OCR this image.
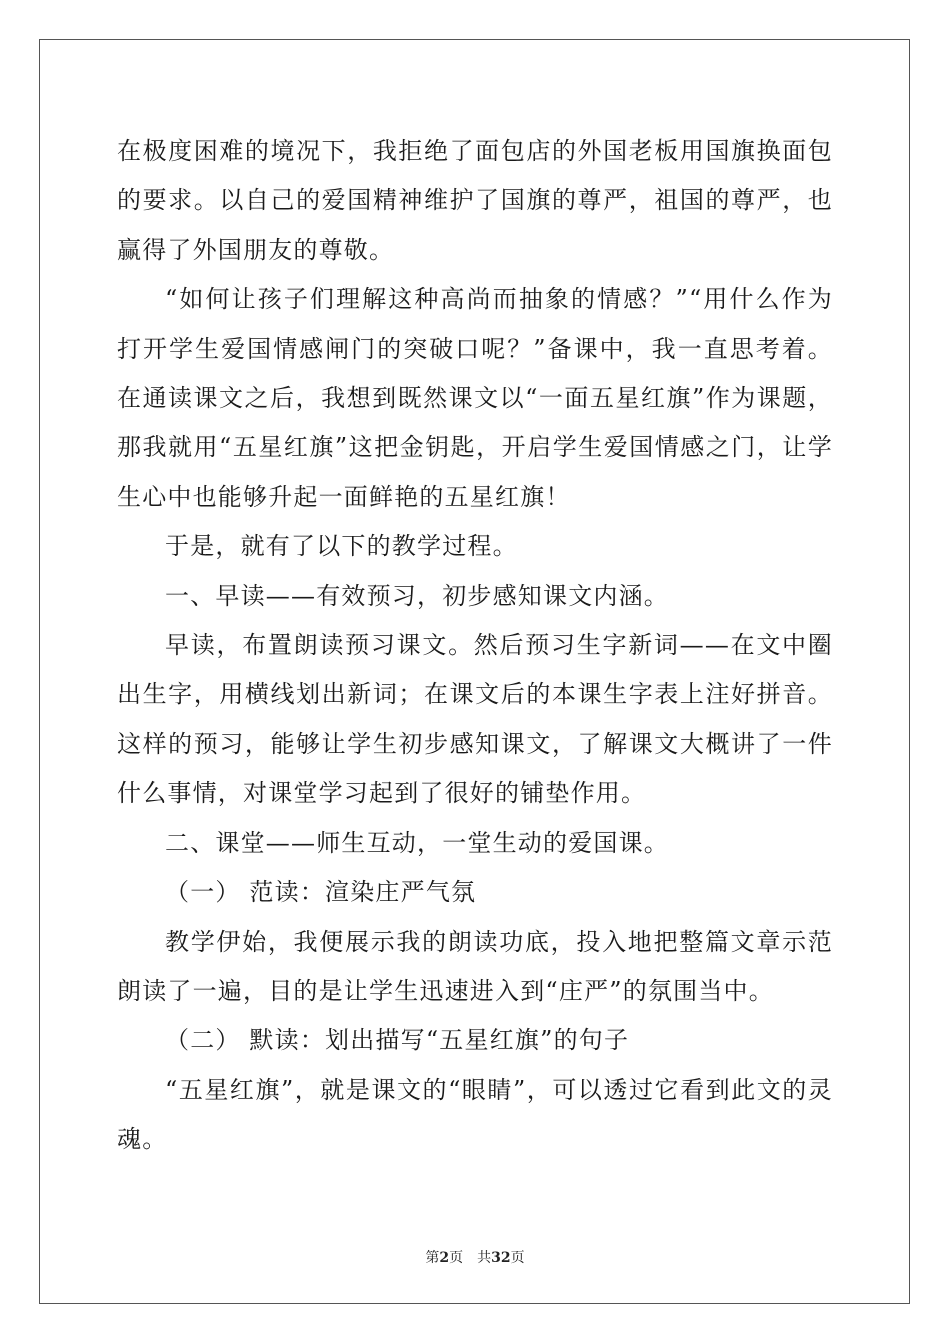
在极度困难的境况下，我拒绝了面包店的外国老板用国旗换面包的要求。以自己的爱国精神维护了国旗的尊严，祖国的尊严，也赢得了外国朋友的尊敬。

“如何让孩子们理解这种高尚而抽象的情感？”“用什么作为打开学生爱国情感闸门的突破口呢？”备课中，我一直思考着。在通读课文之后，我想到既然课文以“一面五星红旗”作为课题，那我就用“五星红旗”这把金钥匙，开启学生爱国情感之门，让学生心中也能够升起一面鲜艳的五星红旗！

于是，就有了以下的教学过程。

一、早读——有效预习，初步感知课文内涵。

早读，布置朗读预习课文。然后预习生字新词——在文中圈出生字，用横线划出新词；在课文后的本课生字表上注好拼音。这样的预习，能够让学生初步感知课文，了解课文大概讲了一件什么事情，对课堂学习起到了很好的铺垫作用。

二、课堂——师生互动，一堂生动的爱国课。

（一） 范读：渲染庄严气氛

教学伊始，我便展示我的朗读功底，投入地把整篇文章示范朗读了一遍，目的是让学生迅速进入到“庄严”的氛围当中。

（二） 默读：划出描写“五星红旗”的句子

“五星红旗”，就是课文的“眼睛”，可以透过它看到此文的灵魂。

第2页 共32页
